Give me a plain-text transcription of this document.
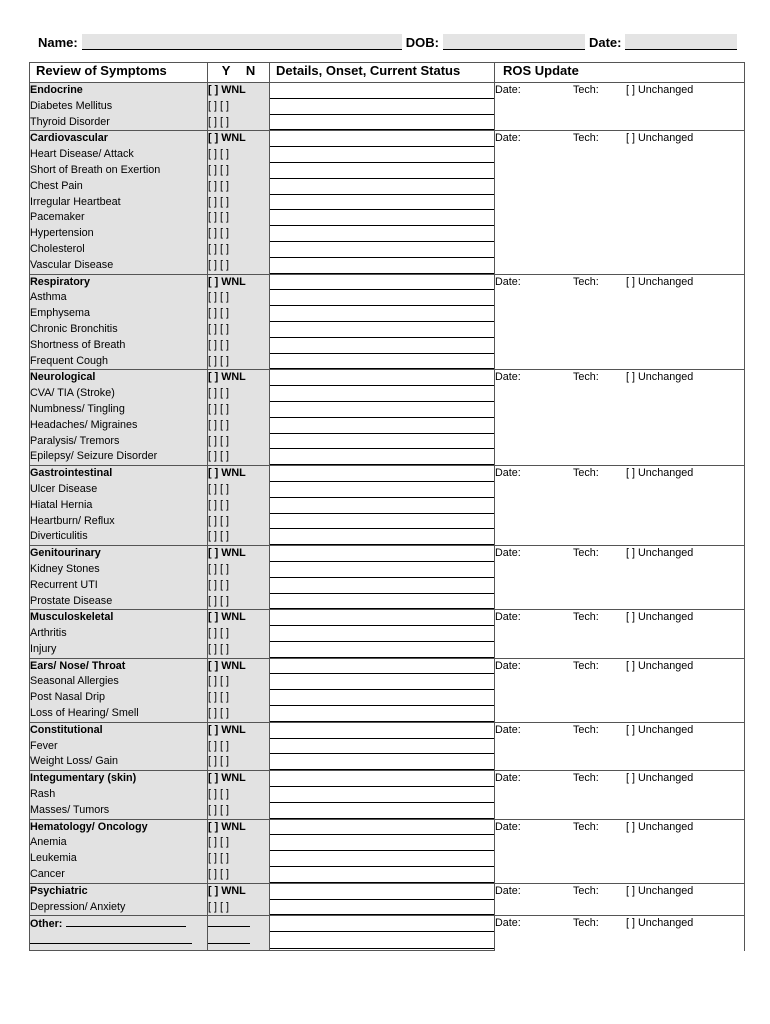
Name:	DOB:	Date:
Review of Symptoms	Y N	Details, Onset, Current Status	ROS Update
Endocrine	[ ] WNL		Date: Tech: [ ] Unchanged

Diabetes Mellitus	[ ] [ ]		

Thyroid Disorder	[ ] [ ]		

Cardiovascular	[ ] WNL		Date: Tech: [ ] Unchanged

Heart Disease/ Attack	[ ] [ ]		

Short of Breath on Exertion	[ ] [ ]		

Chest Pain	[ ] [ ]		

Irregular Heartbeat	[ ] [ ]		

Pacemaker	[ ] [ ]		

Hypertension	[ ] [ ]		

Cholesterol	[ ] [ ]		

Vascular Disease	[ ] [ ]		

Respiratory	[ ] WNL		Date: Tech: [ ] Unchanged

Asthma	[ ] [ ]		

Emphysema	[ ] [ ]		

Chronic Bronchitis	[ ] [ ]		

Shortness of Breath	[ ] [ ]		

Frequent Cough	[ ] [ ]		

Neurological	[ ] WNL		Date: Tech: [ ] Unchanged

CVA/ TIA (Stroke)	[ ] [ ]		

Numbness/ Tingling	[ ] [ ]		

Headaches/ Migraines	[ ] [ ]		

Paralysis/ Tremors	[ ] [ ]		

Epilepsy/ Seizure Disorder	[ ] [ ]		

Gastrointestinal	[ ] WNL		Date: Tech: [ ] Unchanged

Ulcer Disease	[ ] [ ]		

Hiatal Hernia	[ ] [ ]		

Heartburn/ Reflux	[ ] [ ]		

Diverticulitis	[ ] [ ]		

Genitourinary	[ ] WNL		Date: Tech: [ ] Unchanged

Kidney Stones	[ ] [ ]		

Recurrent UTI	[ ] [ ]		

Prostate Disease	[ ] [ ]		

Musculoskeletal	[ ] WNL		Date: Tech: [ ] Unchanged

Arthritis	[ ] [ ]		

Injury	[ ] [ ]		

Ears/ Nose/ Throat	[ ] WNL		Date: Tech: [ ] Unchanged

Seasonal Allergies	[ ] [ ]		

Post Nasal Drip	[ ] [ ]		

Loss of Hearing/ Smell	[ ] [ ]		

Constitutional	[ ] WNL		Date: Tech: [ ] Unchanged

Fever	[ ] [ ]		

Weight Loss/ Gain	[ ] [ ]		

Integumentary (skin)	[ ] WNL		Date: Tech: [ ] Unchanged

Rash	[ ] [ ]		

Masses/ Tumors	[ ] [ ]		

Hematology/ Oncology	[ ] WNL		Date: Tech: [ ] Unchanged

Anemia	[ ] [ ]		

Leukemia	[ ] [ ]		

Cancer	[ ] [ ]		

Psychiatric	[ ] WNL		Date: Tech: [ ] Unchanged

Depression/ Anxiety	[ ] [ ]		

Other:			Date: Tech: [ ] Unchanged
